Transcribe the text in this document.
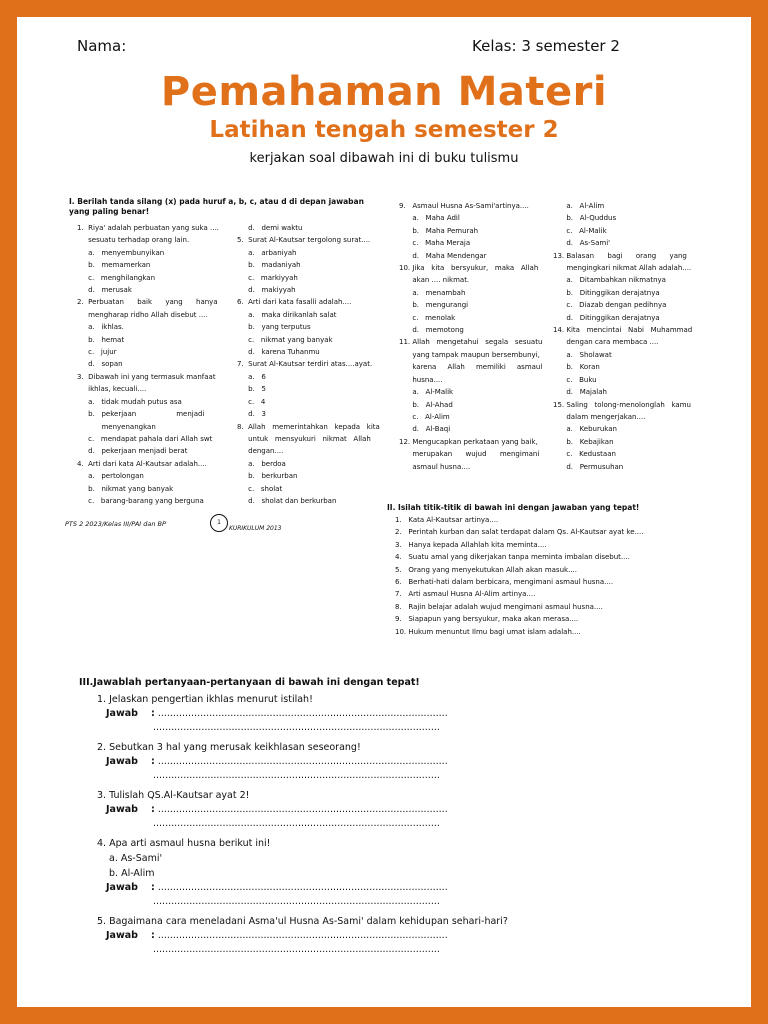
Nama:	Kelas: 3 semester 2
Pemahaman Materi
Latihan tengah semester 2
kerjakan soal dibawah ini di buku tulismu
I. Berilah tanda silang (x) pada huruf a, b, c, atau d di depan jawaban yang paling benar!
1.  Riya' adalah perbuatan yang suka ....
sesuatu terhadap orang lain.
a.   menyembunyikan
b.   memamerkan
c.   menghilangkan
d.   merusak
2.  Perbuatan      baik      yang      hanya
mengharap ridho Allah disebut ....
a.   ikhlas.
b.   hemat
c.   jujur
d.   sopan
3.  Dibawah ini yang termasuk manfaat
ikhlas, kecuali....
a.   tidak mudah putus asa
b.   pekerjaan                  menjadi
menyenangkan
c.   mendapat pahala dari Allah swt
d.   pekerjaan menjadi berat
4.  Arti dari kata Al-Kautsar adalah....
a.   pertolongan
b.   nikmat yang banyak
c.   barang-barang yang berguna
d.   demi waktu
5.  Surat Al-Kautsar tergolong surat....
a.   arbaniyah
b.   madaniyah
c.   markiyyah
d.   makiyyah
6.  Arti dari kata fasalli adalah....
a.   maka dirikanlah salat
b.   yang terputus
c.   nikmat yang banyak
d.   karena Tuhanmu
7.  Surat Al-Kautsar terdiri atas....ayat.
a.   6
b.   5
c.   4
d.   3
8.  Allah   memerintahkan   kepada   kita
untuk   mensyukuri   nikmat   Allah
dengan....
a.   berdoa
b.   berkurban
c.   sholat
d.   sholat dan berkurban
9.   Asmaul Husna As-Sami'artinya....
a.   Maha Adil
b.   Maha Pemurah
c.   Maha Meraja
d.   Maha Mendengar
10. Jika   kita   bersyukur,   maka   Allah
akan .... nikmat.
a.   menambah
b.   mengurangi
c.   menolak
d.   memotong
11. Allah   mengetahui   segala   sesuatu
yang tampak maupun bersembunyi,
karena     Allah     memiliki     asmaul
husna....
a.   Al-Malik
b.   Al-Ahad
c.   Al-Alim
d.   Al-Baqi
12. Mengucapkan perkataan yang baik,
merupakan      wujud      mengimani
asmaul husna....
a.   Al-Alim
b.   Al-Quddus
c.   Al-Malik
d.   As-Sami'
13. Balasan      bagi      orang      yang
mengingkari nikmat Allah adalah....
a.   Ditambahkan nikmatnya
b.   Ditinggikan derajatnya
c.   Diazab dengan pedihnya
d.   Ditinggikan derajatnya
14. Kita   mencintai   Nabi   Muhammad
dengan cara membaca ....
a.   Sholawat
b.   Koran
c.   Buku
d.   Majalah
15. Saling   tolong-menolonglah   kamu
dalam mengerjakan....
a.   Keburukan
b.   Kebajikan
c.   Kedustaan
d.   Permusuhan
PTS 2 2023/Kelas III/PAI dan BP	1
KURIKULUM 2013
II. Isilah titik-titik di bawah ini dengan jawaban yang tepat!
1.   Kata Al-Kautsar artinya....
2.   Perintah kurban dan salat terdapat dalam Qs. Al-Kautsar ayat ke....
3.   Hanya kepada Allahlah kita meminta....
4.   Suatu amal yang dikerjakan tanpa meminta imbalan disebut....
5.   Orang yang menyekutukan Allah akan masuk....
6.   Berhati-hati dalam berbicara, mengimani asmaul husna....
7.   Arti asmaul Husna Al-Alim artinya....
8.   Rajin belajar adalah wujud mengimani asmaul husna....
9.   Siapapun yang bersyukur, maka akan merasa....
10. Hukum menuntut Ilmu bagi umat islam adalah....
III.Jawablah pertanyaan-pertanyaan di bawah ini dengan tepat!
1. Jelaskan pengertian ikhlas menurut istilah!
Jawab : ................................................................................................
...............................................................................................
2. Sebutkan 3 hal yang merusak keikhlasan seseorang!
Jawab : ................................................................................................
...............................................................................................
3. Tulislah QS.Al-Kautsar ayat 2!
Jawab : ................................................................................................
...............................................................................................
4. Apa arti asmaul husna berikut ini!
a. As-Sami'
b. Al-Alim
Jawab : ................................................................................................
...............................................................................................
5. Bagaimana cara meneladani Asma'ul Husna As-Sami' dalam kehidupan sehari-hari?
Jawab : ................................................................................................
...............................................................................................
